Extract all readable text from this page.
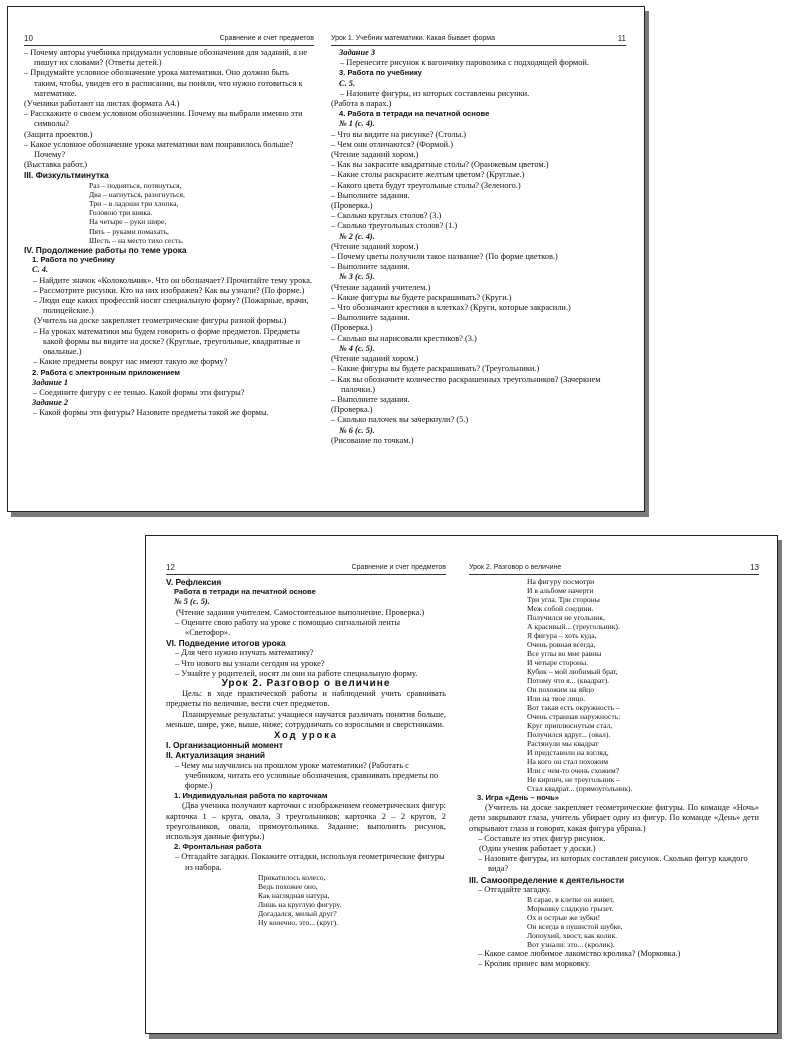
10	Сравнение и счет предметов
– Почему авторы учебника придумали условные обозначения для заданий, а не пишут их словами? (Ответы детей.)
– Придумайте условное обозначение урока математики. Оно должно быть таким, чтобы, увидев его в расписании, вы поняли, что нужно готовиться к математике.
(Ученики работают на листах формата А4.)
– Расскажите о своем условном обозначении. Почему вы выбрали именно эти символы?
(Защита проектов.)
– Какое условное обозначение урока математики вам понравилось больше? Почему?
(Выставка работ.)
III. Физкультминутка
Раз – подняться, потянуться,
Два – нагнуться, разогнуться,
Три – в ладоши три хлопка,
Головою три кивка.
На четыре – руки шире,
Пять – руками помахать,
Шесть – на место тихо сесть.
IV. Продолжение работы по теме урока
1. Работа по учебнику
С. 4.
– Найдите значок «Колокольчик». Что он обозначает? Прочитайте тему урока.
– Рассмотрите рисунки. Кто на них изображен? Как вы узнали? (По форме.)
– Люди еще каких профессий носят специальную форму? (Пожарные, врачи, полицейские.)
(Учитель на доске закрепляет геометрические фигуры разной формы.)
– На уроках математики мы будем говорить о форме предметов. Предметы какой формы вы видите на доске? (Круглые, треугольные, квадратные и овальные.)
– Какие предметы вокруг нас имеют такую же форму?
2. Работа с электронным приложением
Задание 1
– Соедините фигуру с ее тенью. Какой формы эти фигуры?
Задание 2
– Какой формы эти фигуры? Назовите предметы такой же формы.
Урок 1. Учебник математики. Какая бывает форма	11
Задание 3
– Перенесите рисунок к вагончику паровозика с подходящей формой.
3. Работа по учебнику
С. 5.
– Назовите фигуры, из которых составлены рисунки.
(Работа в парах.)
4. Работа в тетради на печатной основе
№ 1 (с. 4).
– Что вы видите на рисунке? (Столы.)
– Чем они отличаются? (Формой.)
(Чтение заданий хором.)
– Как вы закрасите квадратные столы? (Оранжевым цветом.)
– Какие столы раскрасите желтым цветом? (Круглые.)
– Какого цвета будут треугольные столы? (Зеленого.)
– Выполните задания.
(Проверка.)
– Сколько круглых столов? (3.)
– Сколько треугольных столов? (1.)
№ 2 (с. 4).
(Чтение заданий хором.)
– Почему цветы получили такое название? (По форме цветков.)
– Выполните задания.
№ 3 (с. 5).
(Чтение заданий учителем.)
– Какие фигуры вы будете раскрашивать? (Круги.)
– Что обозначают крестики в клетках? (Круги, которые закрасили.)
– Выполните задания.
(Проверка.)
– Сколько вы нарисовали крестиков? (3.)
№ 4 (с. 5).
(Чтение заданий хором.)
– Какие фигуры вы будете раскрашивать? (Треугольники.)
– Как вы обозначите количество раскрашенных треугольников? (Зачеркнем палочки.)
– Выполните задания.
(Проверка.)
– Сколько палочек вы зачеркнули? (5.)
№ 6 (с. 5).
(Рисование по точкам.)
12	Сравнение и счет предметов
V. Рефлексия
Работа в тетради на печатной основе
№ 5 (с. 5).
(Чтение задания учителем. Самостоятельное выполнение. Проверка.)
– Оцените свою работу на уроке с помощью сигнальной ленты «Светофор».
VI. Подведение итогов урока
– Для чего нужно изучать математику?
– Что нового вы узнали сегодня на уроке?
– Узнайте у родителей, носят ли они на работе специальную форму.
Урок 2. Разговор о величине
Цель: в ходе практической работы и наблюдений учить сравнивать предметы по величине, вести счет предметов.
Планируемые результаты: учащиеся научатся различать понятия больше, меньше, шире, уже, выше, ниже; сотрудничать со взрослыми и сверстниками.
Ход урока
I. Организационный момент
II. Актуализация знаний
– Чему мы научились на прошлом уроке математики? (Работать с учебником, читать его условные обозначения, сравнивать предметы по форме.)
1. Индивидуальная работа по карточкам
(Два ученика получают карточки с изображением геометрических фигур: карточка 1 – круга, овала, 3 треугольников; карточка 2 – 2 кругов, 2 треугольников, овала, прямоугольника. Задание: выполнить рисунок, используя данные фигуры.)
2. Фронтальная работа
– Отгадайте загадки. Покажите отгадки, используя геометрические фигуры из набора.
Прикатилось колесо,
Ведь похожее оно,
Как наглядная натура,
Лишь на круглую фигуру.
Догадался, милый друг?
Ну конечно, это... (круг).
Урок 2. Разговор о величине	13
На фигуру посмотри
И в альбоме начерти
Три угла. Три стороны
Меж собой соедини.
Получился не угольник,
А красивый... (треугольник).
Я фигура – хоть куда,
Очень ровная всегда,
Все углы во мне равны
И четыре стороны.
Кубик – мой любимый брат,
Потому что я... (квадрат).
Он похожим на яйцо
Или на твое лицо.
Вот такая есть окружность –
Очень странная наружность:
Круг приплюснутым стал,
Получился вдруг... (овал).
Растянули мы квадрат
И представили на взгляд,
На кого он стал похожим
Или с чем-то очень схожим?
Не кирпич, не треугольник –
Стал квадрат... (прямоугольник).
3. Игра «День – ночь»
(Учитель на доске закрепляет геометрические фигуры. По команде «Ночь» дети закрывают глаза, учитель убирает одну из фигур. По команде «День» дети открывают глаза и говорят, какая фигура убрана.)
– Составьте из этих фигур рисунок.
(Один ученик работает у доски.)
– Назовите фигуры, из которых составлен рисунок. Сколько фигур каждого вида?
III. Самоопределение к деятельности
– Отгадайте загадку.
В сарае, в клетке он живет,
Морковку сладкую грызет.
Ох и острые же зубки!
Он всегда в пушистой шубке,
Лопоухий, хвост, как колик.
Вот узнали: это... (кролик).
– Какое самое любимое лакомство кролика? (Морковка.)
– Кролик принес вам морковку.
